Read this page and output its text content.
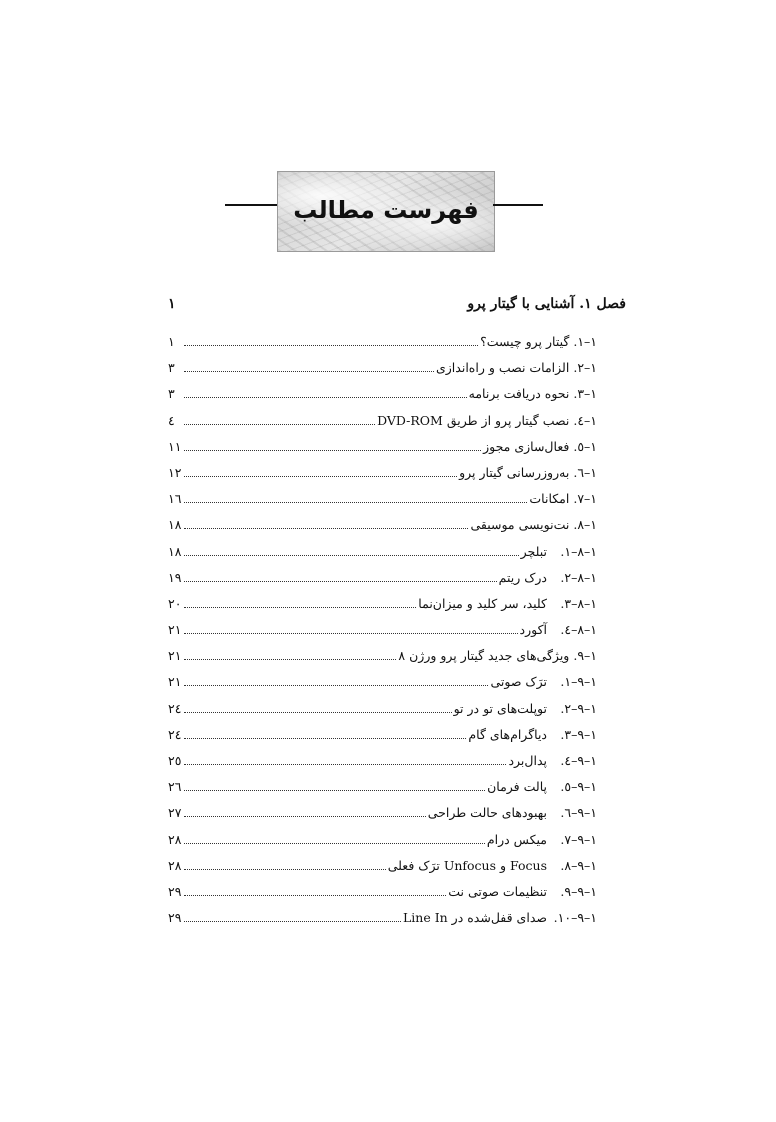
فهرست مطالب
فصل ۱. آشنایی با گیتار پرو
۱
۱–۱.
گیتار پرو چیست؟
۱
۱–۲.
الزامات نصب و راه‌اندازی
۳
۱–۳.
نحوه دریافت برنامه
۳
۱–٤.
نصب گیتار پرو از طریق DVD-ROM
٤
۱–٥.
فعال‌سازی مجوز
۱۱
۱–٦.
به‌روزرسانی گیتار پرو
۱۲
۱–۷.
امکانات
۱٦
۱–۸.
نت‌نویسی موسیقی
۱۸
۱–۸–۱.
تبلچر
۱۸
۱–۸–۲.
درک ریتم
۱۹
۱–۸–۳.
کلید، سر کلید و میزان‌نما
۲۰
۱–۸–٤.
آکورد
۲۱
۱–۹.
ویژگی‌های جدید گیتار پرو ورژن ۸
۲۱
۱–۹–۱.
ترَک صوتی
۲۱
۱–۹–۲.
توپلت‌های تو در تو
۲٤
۱–۹–۳.
دیاگرام‌های گام
۲٤
۱–۹–٤.
پدال‌برد
۲٥
۱–۹–٥.
پالت فرمان
۲٦
۱–۹–٦.
بهبودهای حالت طراحی
۲۷
۱–۹–۷.
میکس درام
۲۸
۱–۹–۸.
Focus و Unfocus ترَک فعلی
۲۸
۱–۹–۹.
تنظیمات صوتی نت
۲۹
۱–۹–۱۰.
صدای قفل‌شده در Line In
۲۹
